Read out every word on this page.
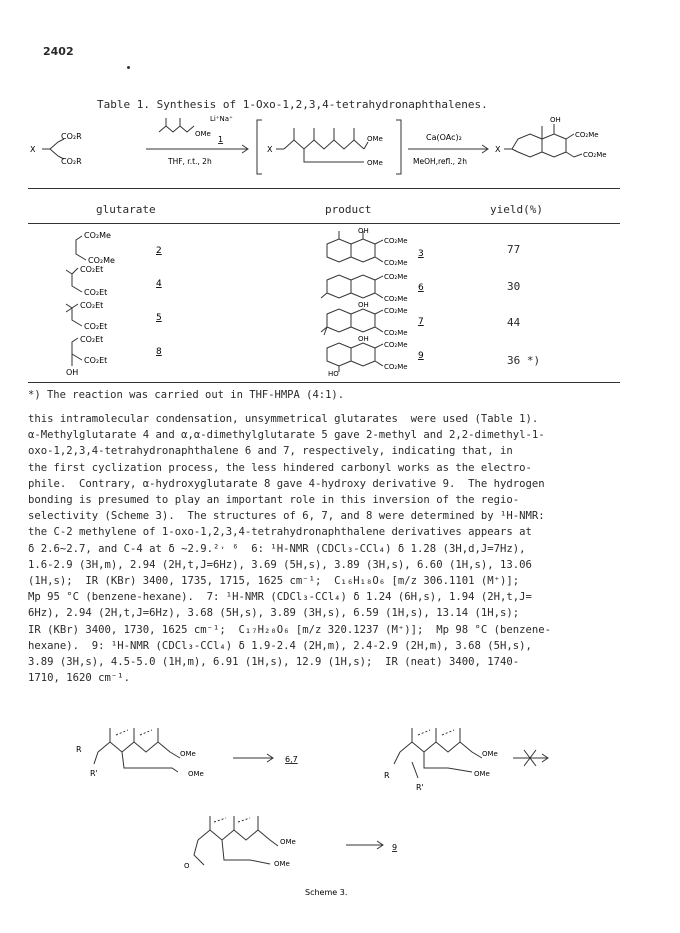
2402
Table 1. Synthesis of 1-Oxo-1,2,3,4-tetrahydronaphthalenes.
CO₂R
CO₂R
X
Li⁺Na⁺
OMe
1
THF, r.t., 2h
X
OMe
OMe
Ca(OAc)₂
MeOH,refl., 2h
X
OH
CO₂Me
CO₂Me
glutarate	product	yield(%)
CO₂Me
CO₂Me
2
OH
CO₂Me
CO₂Me
3
CO₂Et
CO₂Et
4
CO₂Me
CO₂Me
6
CO₂Et
CO₂Et
5
OH
CO₂Me
CO₂Me
7
CO₂Et
CO₂Et
OH
8
OH
CO₂Me
CO₂Me
HO
9
77
30
44
36 *)
*) The reaction was carried out in THF-HMPA (4:1).

this intramolecular condensation, unsymmetrical glutarates  were used (Table 1).

α-Methylglutarate 4 and α,α-dimethylglutarate 5 gave 2-methyl and 2,2-dimethyl-1-

oxo-1,2,3,4-tetrahydronaphthalene 6 and 7, respectively, indicating that, in

the first cyclization process, the less hindered carbonyl works as the electro-

phile.  Contrary, α-hydroxyglutarate 8 gave 4-hydroxy derivative 9.  The hydrogen

bonding is presumed to play an important role in this inversion of the regio-

selectivity (Scheme 3).  The structures of 6, 7, and 8 were determined by ¹H-NMR:

the C-2 methylene of 1-oxo-1,2,3,4-tetrahydronaphthalene derivatives appears at

δ 2.6~2.7, and C-4 at δ ~2.9.²˒ ⁶  6: ¹H-NMR (CDCl₃-CCl₄) δ 1.28 (3H,d,J=7Hz),

1.6-2.9 (3H,m), 2.94 (2H,t,J=6Hz), 3.69 (5H,s), 3.89 (3H,s), 6.60 (1H,s), 13.06

(1H,s);  IR (KBr) 3400, 1735, 1715, 1625 cm⁻¹;  C₁₆H₁₈O₆ [m/z 306.1101 (M⁺)];

Mp 95 °C (benzene-hexane).  7: ¹H-NMR (CDCl₃-CCl₄) δ 1.24 (6H,s), 1.94 (2H,t,J=

6Hz), 2.94 (2H,t,J=6Hz), 3.68 (5H,s), 3.89 (3H,s), 6.59 (1H,s), 13.14 (1H,s);

IR (KBr) 3400, 1730, 1625 cm⁻¹;  C₁₇H₂₀O₆ [m/z 320.1237 (M⁺)];  Mp 98 °C (benzene-

hexane).  9: ¹H-NMR (CDCl₃-CCl₄) δ 1.9-2.4 (2H,m), 2.4-2.9 (2H,m), 3.68 (5H,s),

3.89 (3H,s), 4.5-5.0 (1H,m), 6.91 (1H,s), 12.9 (1H,s);  IR (neat) 3400, 1740-

1710, 1620 cm⁻¹.

R
R'
OMe
OMe
6,7
R
R'
OMe
OMe
OMe
OMe
O
9
Scheme 3.
